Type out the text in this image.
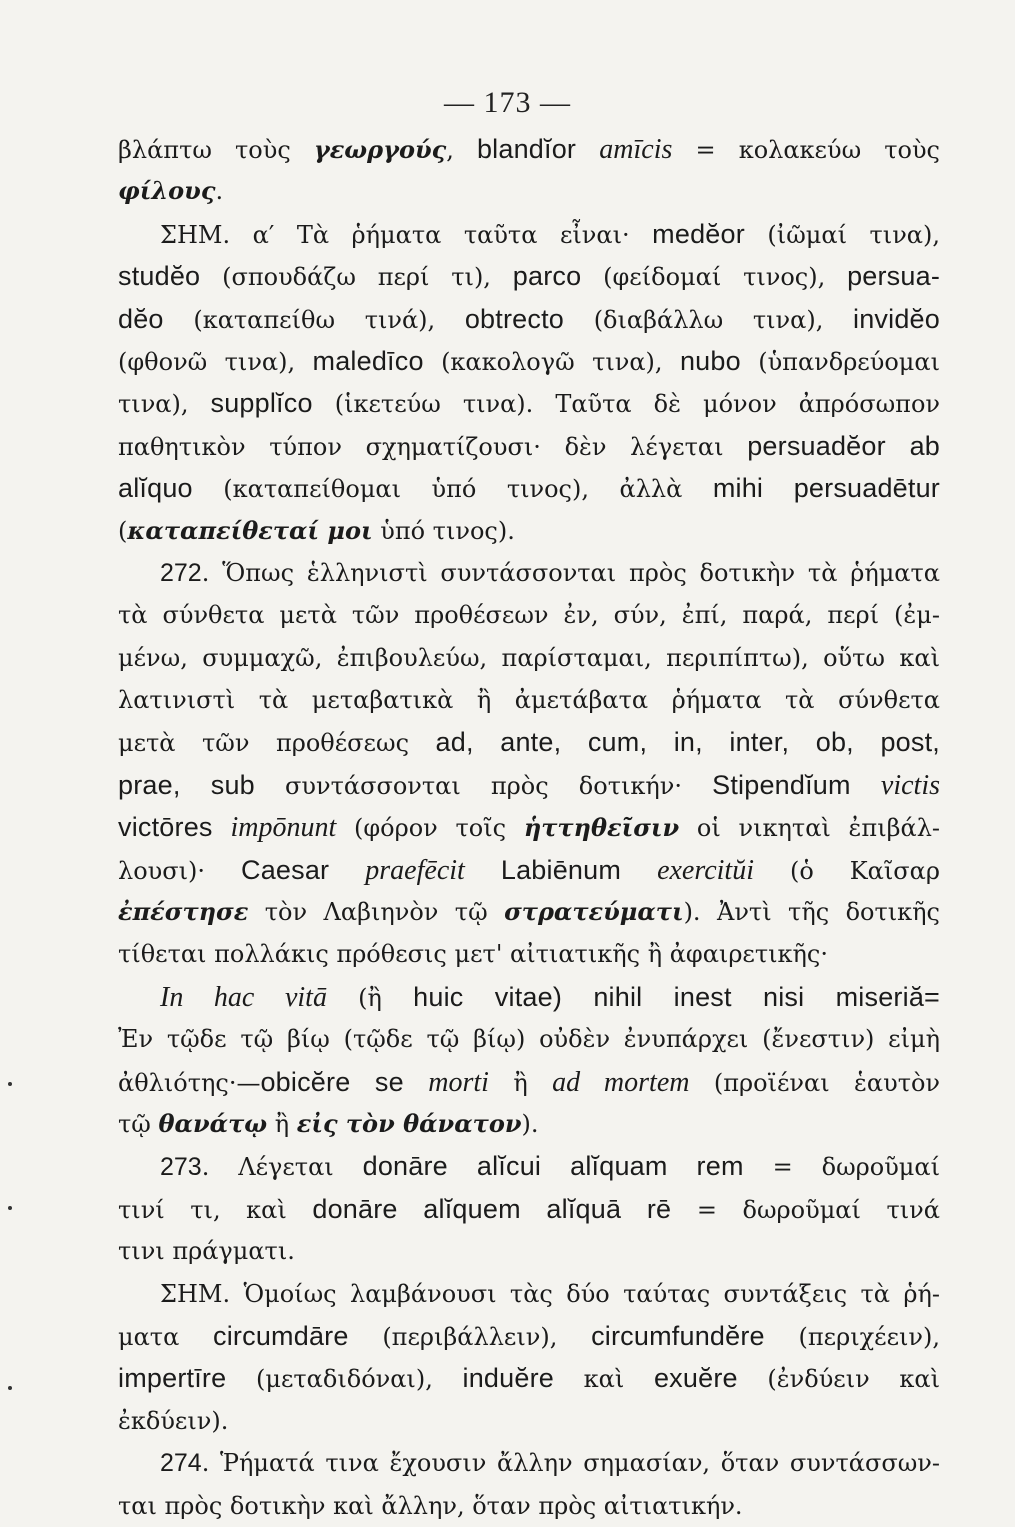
— 173 —
βλάπτω τοὺς γεωργούς, blandĭor amīcis = κολακεύω τοὺς
φίλους.
ΣΗΜ. α′ Τὰ ῥήματα ταῦτα εἶναι· medĕor (ἰῶμαί τινα),
studĕo (σπουδάζω περί τι), parco (φείδομαί τινος), persua-
dĕo (καταπείθω τινά), obtrecto (διαβάλλω τινα), invidĕo
(φθονῶ τινα), maledīco (κακολογῶ τινα), nubo (ὑπανδρεύομαι
τινα), supplĭco (ἱκετεύω τινα). Ταῦτα δὲ μόνον ἀπρόσωπον
παθητικὸν τύπον σχηματίζουσι· δὲν λέγεται persuadĕor ab
alĭquo (καταπείθομαι ὑπό τινος), ἀλλὰ mihi persuadētur
(καταπείθεταί μοι ὑπό τινος).
272. Ὅπως ἑλληνιστὶ συντάσσονται πρὸς δοτικὴν τὰ ῥήματα
τὰ σύνθετα μετὰ τῶν προθέσεων ἐν, σύν, ἐπί, παρά, περί (ἐμ-
μένω, συμμαχῶ, ἐπιβουλεύω, παρίσταμαι, περιπίπτω), οὕτω καὶ
λατινιστὶ τὰ μεταβατικὰ ἢ ἀμετάβατα ῥήματα τὰ σύνθετα
μετὰ τῶν προθέσεως ad, ante, cum, in, inter, ob, post,
prae, sub συντάσσονται πρὸς δοτικήν· Stipendĭum victis
victōres impōnunt (φόρον τοῖς ἡττηθεῖσιν οἱ νικηταὶ ἐπιβάλ-
λουσι)· Caesar praefēcit Labiēnum exercitŭi (ὁ Καῖσαρ
ἐπέστησε τὸν Λαβιηνὸν τῷ στρατεύματι). Ἀντὶ τῆς δοτικῆς
τίθεται πολλάκις πρόθεσις μετ' αἰτιατικῆς ἢ ἀφαιρετικῆς·
In hac vitā (ἢ huic vitae) nihil inest nisi miseriă=
Ἐν τῷδε τῷ βίῳ (τῷδε τῷ βίῳ) οὐδὲν ἐνυπάρχει (ἔνεστιν) εἰμὴ
ἀθλιότης·—obicĕre se morti ἢ ad mortem (προϊέναι ἑαυτὸν
τῷ θανάτῳ ἢ εἰς τὸν θάνατον).
273. Λέγεται donāre alĭcui alĭquam rem = δωροῦμαί
τινί τι, καὶ donāre alĭquem alĭquā rē = δωροῦμαί τινά
τινι πράγματι.
ΣΗΜ. Ὁμοίως λαμβάνουσι τὰς δύο ταύτας συντάξεις τὰ ῥή-
ματα circumdāre (περιβάλλειν), circumfundĕre (περιχέειν),
impertīre (μεταδιδόναι), induĕre καὶ exuĕre (ἐνδύειν καὶ
ἐκδύειν).
274. Ῥήματά τινα ἔχουσιν ἄλλην σημασίαν, ὅταν συντάσσων-
ται πρὸς δοτικὴν καὶ ἄλλην, ὅταν πρὸς αἰτιατικήν.
